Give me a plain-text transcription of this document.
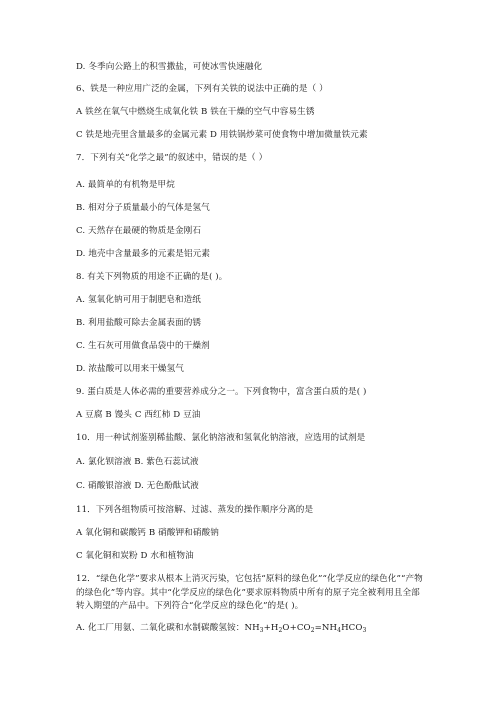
D. 冬季向公路上的积雪撒盐，可使冰雪快速融化
6、铁是一种应用广泛的金属，下列有关铁的说法中正确的是（ ）
A 铁丝在氧气中燃烧生成氧化铁 B 铁在干燥的空气中容易生锈
C 铁是地壳里含量最多的金属元素 D 用铁锅炒菜可使食物中增加微量铁元素
7．下列有关“化学之最”的叙述中，错误的是（ ）
A. 最简单的有机物是甲烷
B. 相对分子质量最小的气体是氢气
C. 天然存在最硬的物质是金刚石
D. 地壳中含量最多的元素是铝元素
8. 有关下列物质的用途不正确的是( )。
A. 氢氧化钠可用于制肥皂和造纸
B. 利用盐酸可除去金属表面的锈
C. 生石灰可用做食品袋中的干燥剂
D. 浓盐酸可以用来干燥氢气
9. 蛋白质是人体必需的重要营养成分之一。下列食物中，富含蛋白质的是( )
A 豆腐 B 馒头 C 西红柿 D 豆油
10．用一种试剂鉴别稀盐酸、氯化钠溶液和氢氧化钠溶液，应选用的试剂是
A. 氯化钡溶液 B. 紫色石蕊试液
C. 硝酸银溶液 D. 无色酚酞试液
11．下列各组物质可按溶解、过滤、蒸发的操作顺序分离的是
A 氧化铜和碳酸钙 B 硝酸钾和硝酸钠
C 氧化铜和炭粉 D 水和植物油
12．“绿色化学”要求从根本上消灭污染，它包括“原料的绿色化”“化学反应的绿色化”“产物的绿色化”等内容。其中“化学反应的绿色化”要求原料物质中所有的原子完全被利用且全部转入期望的产品中。下列符合“化学反应的绿色化”的是( )。
A. 化工厂用氨、二氧化碳和水制碳酸氢铵：$NH_3+H_2O+CO_2=NH_4HCO_3$
